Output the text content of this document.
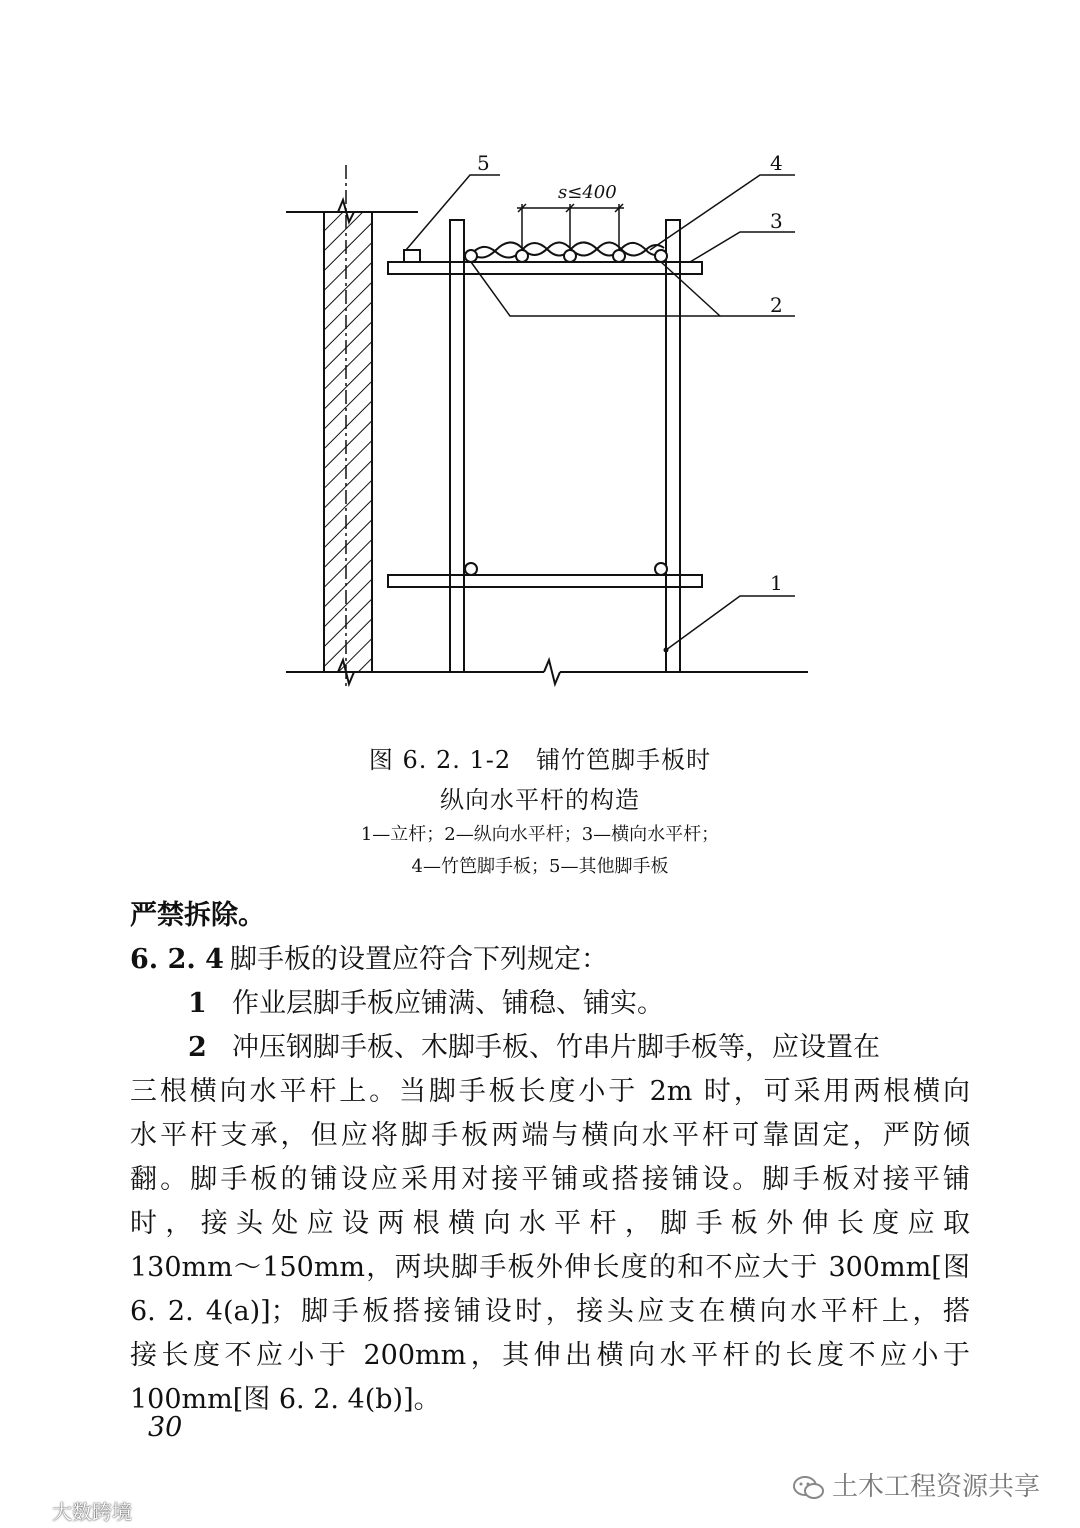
s≤400
5	4
3
2
1
图 6. 2. 1-2　铺竹笆脚手板时
纵向水平杆的构造
1—立杆；2—纵向水平杆；3—横向水平杆；
4—竹笆脚手板；5—其他脚手板
严禁拆除。
6. 2. 4 脚手板的设置应符合下列规定：
1 作业层脚手板应铺满、铺稳、铺实。
2 冲压钢脚手板、木脚手板、竹串片脚手板等，应设置在
三根横向水平杆上。当脚手板长度小于 2m 时，可采用两根横向
水平杆支承，但应将脚手板两端与横向水平杆可靠固定，严防倾
翻。脚手板的铺设应采用对接平铺或搭接铺设。脚手板对接平铺
时，接头处应设两根横向水平杆，脚手板外伸长度应取
130mm～150mm，两块脚手板外伸长度的和不应大于 300mm[图
6. 2. 4(a)]；脚手板搭接铺设时，接头应支在横向水平杆上，搭
接长度不应小于 200mm，其伸出横向水平杆的长度不应小于
100mm[图 6. 2. 4(b)]。
30
土木工程资源共享
大数跨境
